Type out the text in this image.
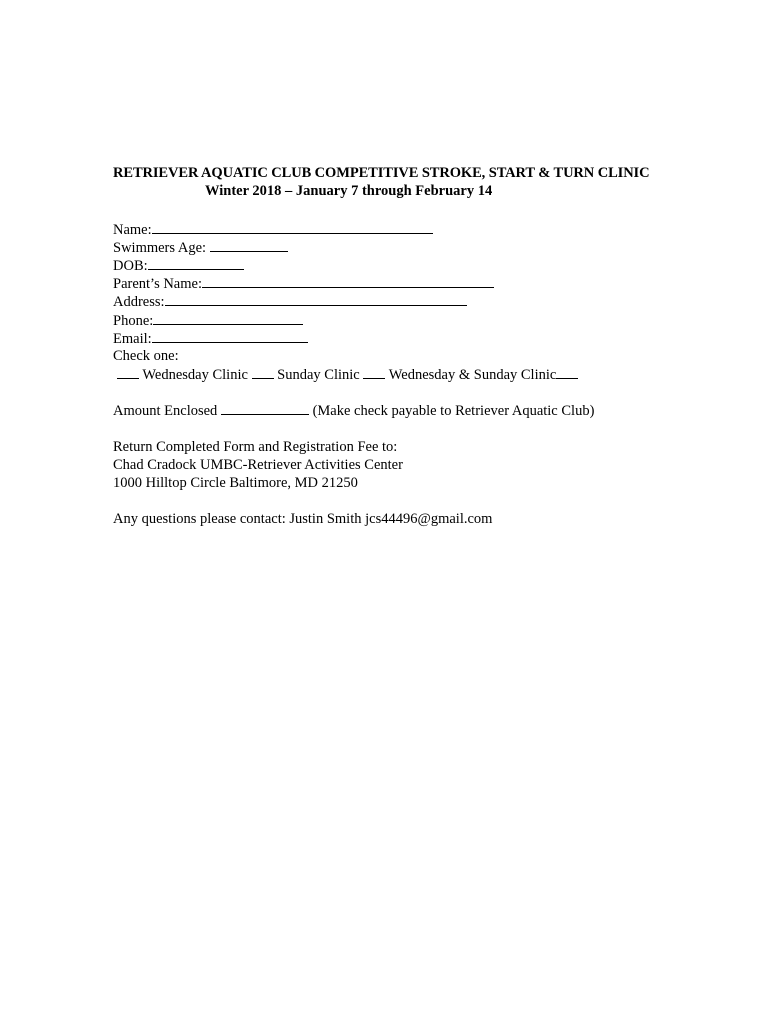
RETRIEVER AQUATIC CLUB COMPETITIVE STROKE, START & TURN CLINIC
Winter 2018 – January 7 through February 14
Name:
Swimmers Age:
DOB:
Parent’s Name:
Address:
Phone:
Email:
Check one:
Wednesday Clinic Sunday Clinic Wednesday & Sunday Clinic
Amount Enclosed	(Make check payable to Retriever Aquatic Club)
Return Completed Form and Registration Fee to:
Chad Cradock UMBC-Retriever Activities Center
1000 Hilltop Circle Baltimore, MD 21250
Any questions please contact: Justin Smith jcs44496@gmail.com
